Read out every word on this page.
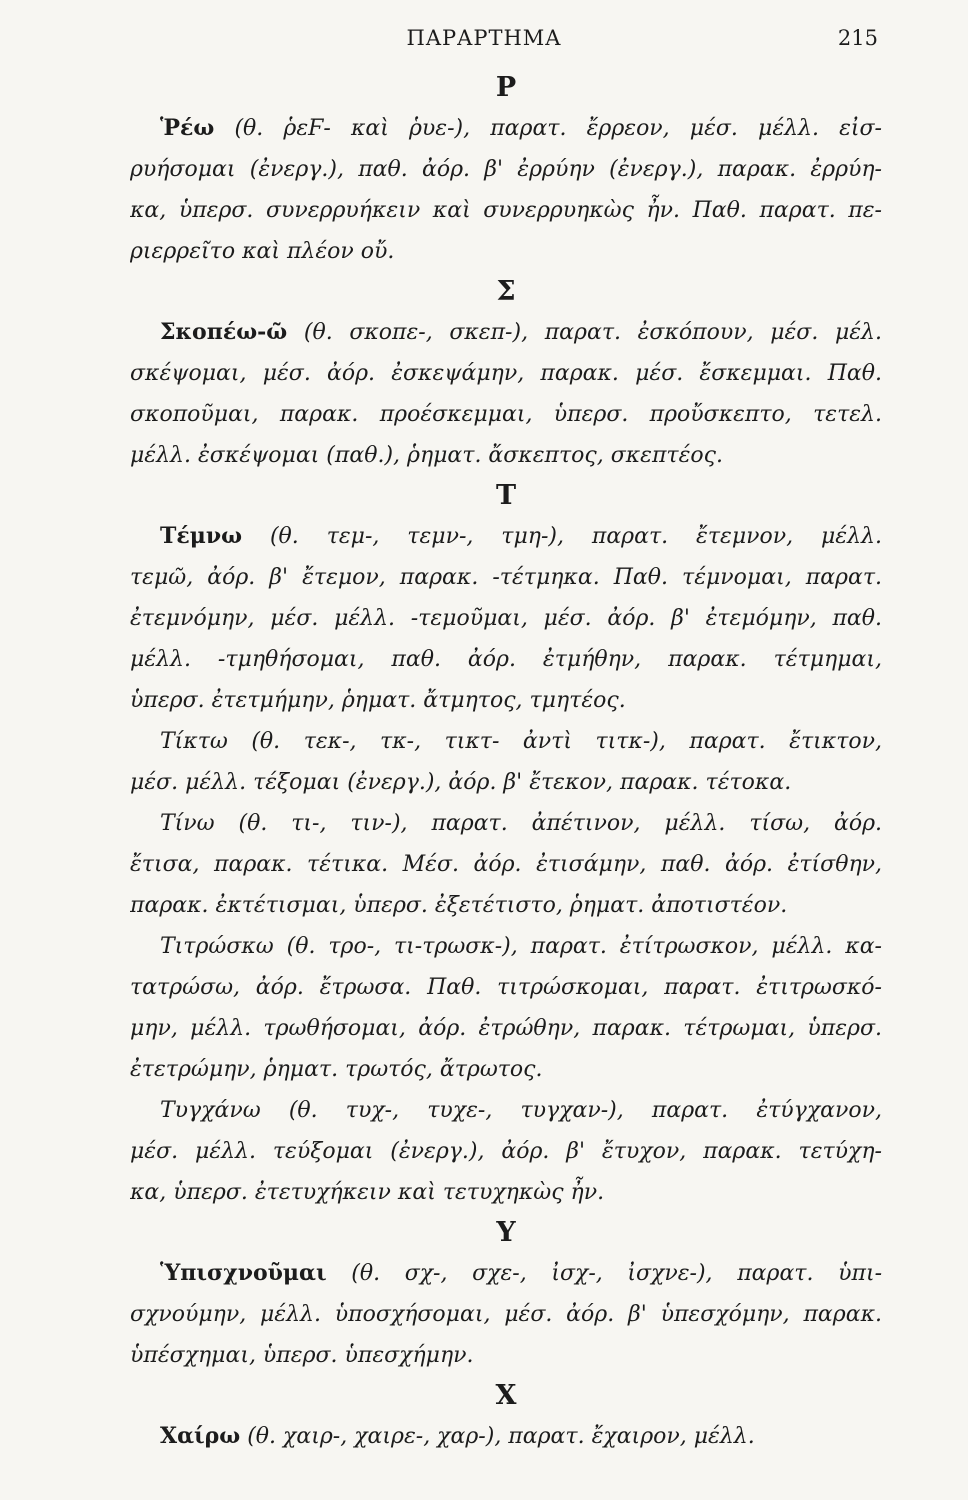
ΠΑΡΑΡΤΗΜΑ	215
Ρ
Ῥέω (θ. ῥεϜ- καὶ ῥυε-), παρατ. ἔρρεον, μέσ. μέλλ. εἰσ-
ρυήσομαι (ἐνεργ.), παθ. ἀόρ. β' ἐρρύην (ἐνεργ.), παρακ. ἐρρύη-
κα, ὑπερσ. συνερρυήκειν καὶ συνερρυηκὼς ἦν. Παθ. παρατ. πε-
ριερρεῖτο καὶ πλέον οὔ.
Σ
Σκοπέω-ῶ (θ. σκοπε-, σκεπ-), παρατ. ἐσκόπουν, μέσ. μέλ.
σκέψομαι, μέσ. ἀόρ. ἐσκεψάμην, παρακ. μέσ. ἔσκεμμαι. Παθ.
σκοποῦμαι, παρακ. προέσκεμμαι, ὑπερσ. προὔσκεπτο, τετελ.
μέλλ. ἐσκέψομαι (παθ.), ῥηματ. ἄσκεπτος, σκεπτέος.
Τ
Τέμνω (θ. τεμ-, τεμν-, τμη-), παρατ. ἔτεμνον, μέλλ.
τεμῶ, ἀόρ. β' ἔτεμον, παρακ. -τέτμηκα. Παθ. τέμνομαι, παρατ.
ἐτεμνόμην, μέσ. μέλλ. -τεμοῦμαι, μέσ. ἀόρ. β' ἐτεμόμην, παθ.
μέλλ. -τμηθήσομαι, παθ. ἀόρ. ἐτμήθην, παρακ. τέτμημαι,
ὑπερσ. ἐτετμήμην, ῥηματ. ἄτμητος, τμητέος.
Τίκτω (θ. τεκ-, τκ-, τικτ- ἀντὶ τιτκ-), παρατ. ἔτικτον,
μέσ. μέλλ. τέξομαι (ἐνεργ.), ἀόρ. β' ἔτεκον, παρακ. τέτοκα.
Τίνω (θ. τι-, τιν-), παρατ. ἀπέτινον, μέλλ. τίσω, ἀόρ.
ἔτισα, παρακ. τέτικα. Μέσ. ἀόρ. ἐτισάμην, παθ. ἀόρ. ἐτίσθην,
παρακ. ἐκτέτισμαι, ὑπερσ. ἐξετέτιστο, ῥηματ. ἀποτιστέον.
Τιτρώσκω (θ. τρο-, τι-τρωσκ-), παρατ. ἐτίτρωσκον, μέλλ. κα-
τατρώσω, ἀόρ. ἔτρωσα. Παθ. τιτρώσκομαι, παρατ. ἐτιτρωσκό-
μην, μέλλ. τρωθήσομαι, ἀόρ. ἐτρώθην, παρακ. τέτρωμαι, ὑπερσ.
ἐτετρώμην, ῥηματ. τρωτός, ἄτρωτος.
Τυγχάνω (θ. τυχ-, τυχε-, τυγχαν-), παρατ. ἐτύγχανον,
μέσ. μέλλ. τεύξομαι (ἐνεργ.), ἀόρ. β' ἔτυχον, παρακ. τετύχη-
κα, ὑπερσ. ἐτετυχήκειν καὶ τετυχηκὼς ἦν.
Υ
Ὑπισχνοῦμαι (θ. σχ-, σχε-, ἰσχ-, ἰσχνε-), παρατ. ὑπι-
σχνούμην, μέλλ. ὑποσχήσομαι, μέσ. ἀόρ. β' ὑπεσχόμην, παρακ.
ὑπέσχημαι, ὑπερσ. ὑπεσχήμην.
Χ
Χαίρω (θ. χαιρ-, χαιρε-, χαρ-), παρατ. ἔχαιρον, μέλλ.
